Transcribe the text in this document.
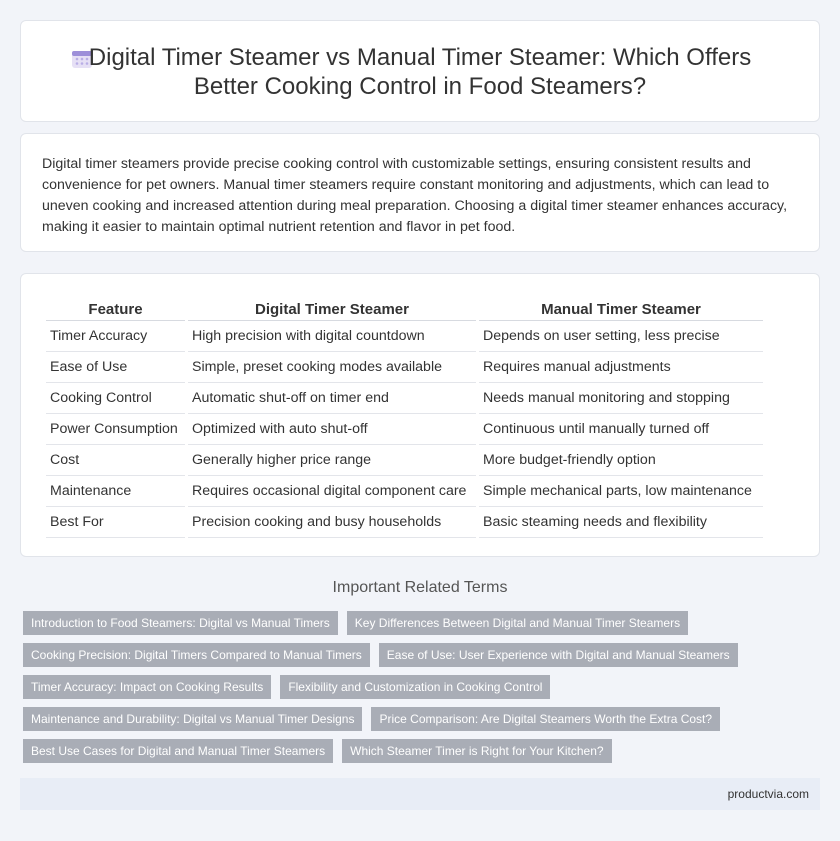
Digital Timer Steamer vs Manual Timer Steamer: Which Offers
Better Cooking Control in Food Steamers?

Digital timer steamers provide precise cooking control with customizable settings, ensuring consistent results and convenience for pet owners. Manual timer steamers require constant monitoring and adjustments, which can lead to uneven cooking and increased attention during meal preparation. Choosing a digital timer steamer enhances accuracy, making it easier to maintain optimal nutrient retention and flavor in pet food.

Feature	Digital Timer Steamer	Manual Timer Steamer
Timer Accuracy	High precision with digital countdown	Depends on user setting, less precise
Ease of Use	Simple, preset cooking modes available	Requires manual adjustments
Cooking Control	Automatic shut-off on timer end	Needs manual monitoring and stopping
Power Consumption	Optimized with auto shut-off	Continuous until manually turned off
Cost	Generally higher price range	More budget-friendly option
Maintenance	Requires occasional digital component care	Simple mechanical parts, low maintenance
Best For	Precision cooking and busy households	Basic steaming needs and flexibility
Important Related Terms
Introduction to Food Steamers: Digital vs Manual Timers	Key Differences Between Digital and Manual Timer Steamers
Cooking Precision: Digital Timers Compared to Manual Timers	Ease of Use: User Experience with Digital and Manual Steamers
Timer Accuracy: Impact on Cooking Results	Flexibility and Customization in Cooking Control
Maintenance and Durability: Digital vs Manual Timer Designs	Price Comparison: Are Digital Steamers Worth the Extra Cost?
Best Use Cases for Digital and Manual Timer Steamers	Which Steamer Timer is Right for Your Kitchen?
productvia.com
